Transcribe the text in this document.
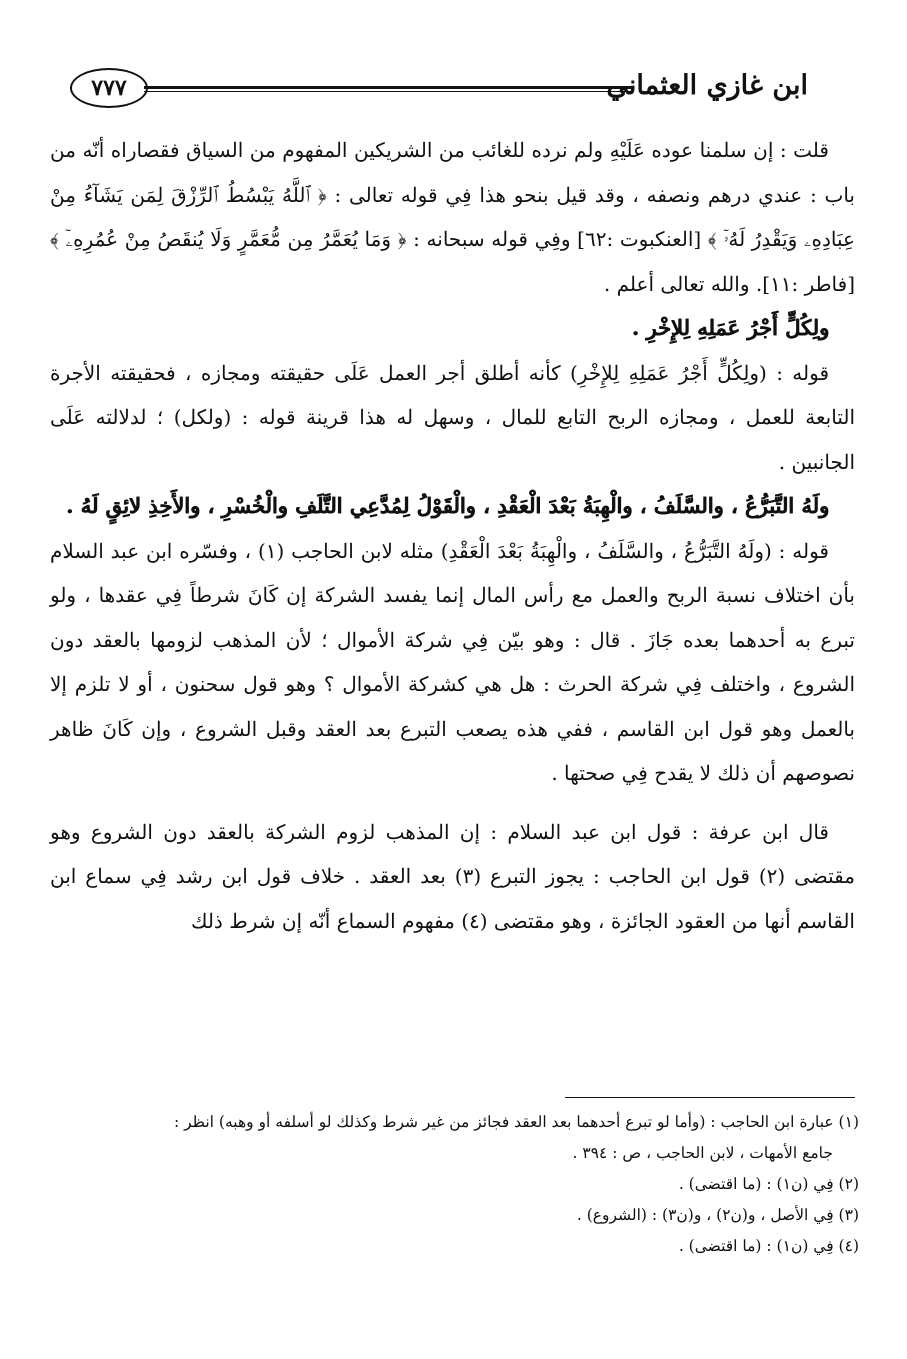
ابن غازي العثماني
٧٧٧

قلت : إن سلمنا عوده عَلَيْهِ ولم نرده للغائب من الشريكين المفهوم من السياق فقصاراه أنّه من باب : عندي درهم ونصفه ، وقد قيل بنحو هذا فِي قوله تعالى : ﴿ ٱللَّهُ يَبْسُطُ ٱلرِّزْقَ لِمَن يَشَآءُ مِنْ عِبَادِهِۦ وَيَقْدِرُ لَهُۥٓ ﴾ [العنكبوت :٦٢] وفِي قوله سبحانه : ﴿ وَمَا يُعَمَّرُ مِن مُّعَمَّرٍ وَلَا يُنقَصُ مِنْ عُمُرِهِۦٓ ﴾ [فاطر :١١]. والله تعالى أعلم .

ولِكُلٍّ أَجْرُ عَمَلِهِ لِلإِخْرِ .

قوله : (ولِكُلٍّ أَجْرُ عَمَلِهِ لِلإِخْرِ) كأنه أطلق أجر العمل عَلَى حقيقته ومجازه ، فحقيقته الأجرة التابعة للعمل ، ومجازه الربح التابع للمال ، وسهل له هذا قرينة قوله : (ولكل) ؛ لدلالته عَلَى الجانبين .

ولَهُ التَّبَرُّعُ ، والسَّلَفُ ، والْهِبَةُ بَعْدَ الْعَقْدِ ، والْقَوْلُ لِمُدَّعِي التَّلَفِ والْخُسْرِ ، والأَخِذِ لائِقٍ لَهُ .

قوله : (ولَهُ التَّبَرُّعُ ، والسَّلَفُ ، والْهِبَةُ بَعْدَ الْعَقْدِ) مثله لابن الحاجب (١) ، وفسّره ابن عبد السلام بأن اختلاف نسبة الربح والعمل مع رأس المال إنما يفسد الشركة إن كَانَ شرطاً فِي عقدها ، ولو تبرع به أحدهما بعده جَازَ . قال : وهو بيّن فِي شركة الأموال ؛ لأن المذهب لزومها بالعقد دون الشروع ، واختلف فِي شركة الحرث : هل هي كشركة الأموال ؟ وهو قول سحنون ، أو لا تلزم إلا بالعمل وهو قول ابن القاسم ، ففي هذه يصعب التبرع بعد العقد وقبل الشروع ، وإن كَانَ ظاهر نصوصهم أن ذلك لا يقدح فِي صحتها .

قال ابن عرفة : قول ابن عبد السلام : إن المذهب لزوم الشركة بالعقد دون الشروع وهو مقتضى (٢) قول ابن الحاجب : يجوز التبرع (٣) بعد العقد . خلاف قول ابن رشد فِي سماع ابن القاسم أنها من العقود الجائزة ، وهو مقتضى (٤) مفهوم السماع أنّه إن شرط ذلك

(١) عبارة ابن الحاجب : (وأما لو تبرع أحدهما بعد العقد فجائز من غير شرط وكذلك لو أسلفه أو وهبه) انظر :

جامع الأمهات ، لابن الحاجب ، ص : ٣٩٤ .

(٢) فِي (ن١) : (ما اقتضى) .

(٣) فِي الأصل ، و(ن٢) ، و(ن٣) : (الشروع) .

(٤) فِي (ن١) : (ما اقتضى) .
